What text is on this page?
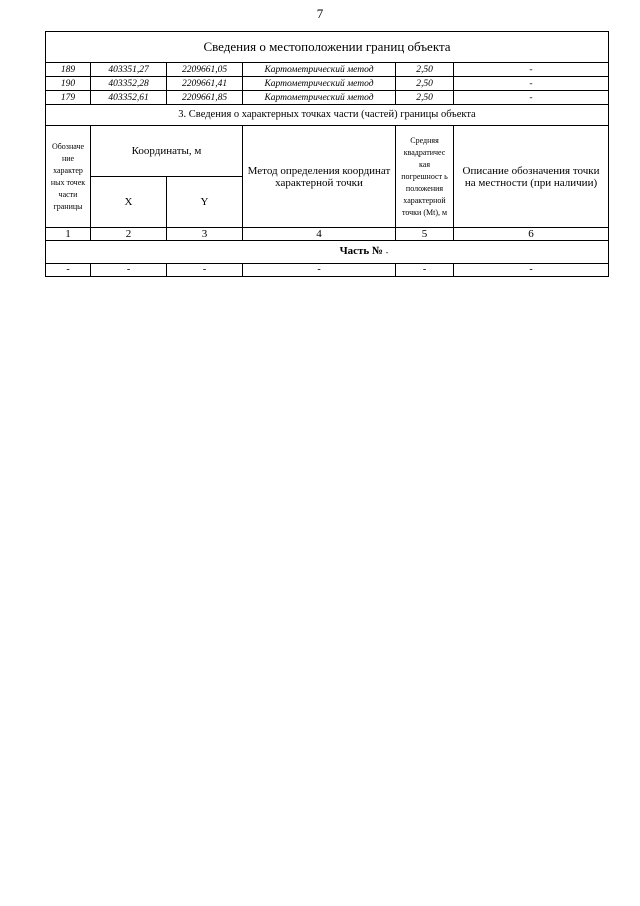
7
Сведения о местоположении границ объекта					
189	403351,27	2209661,05	Картометрический метод	2,50	-
190	403352,28	2209661,41	Картометрический метод	2,50	-
179	403352,61	2209661,85	Картометрический метод	2,50	-
3. Сведения о характерных точках части (частей) границы объекта					
Обозначе ние характер ных точек части границы	Координаты, м		Метод определения координат характерной точки	Средняя квадратичес кая погрешност ь положения характерной точки (Mt), м	Описание обозначения точки на местности (при наличии)
	X	Y			
1	2	3	4	5	6
Часть № -					
-	-	-	-	-	-
